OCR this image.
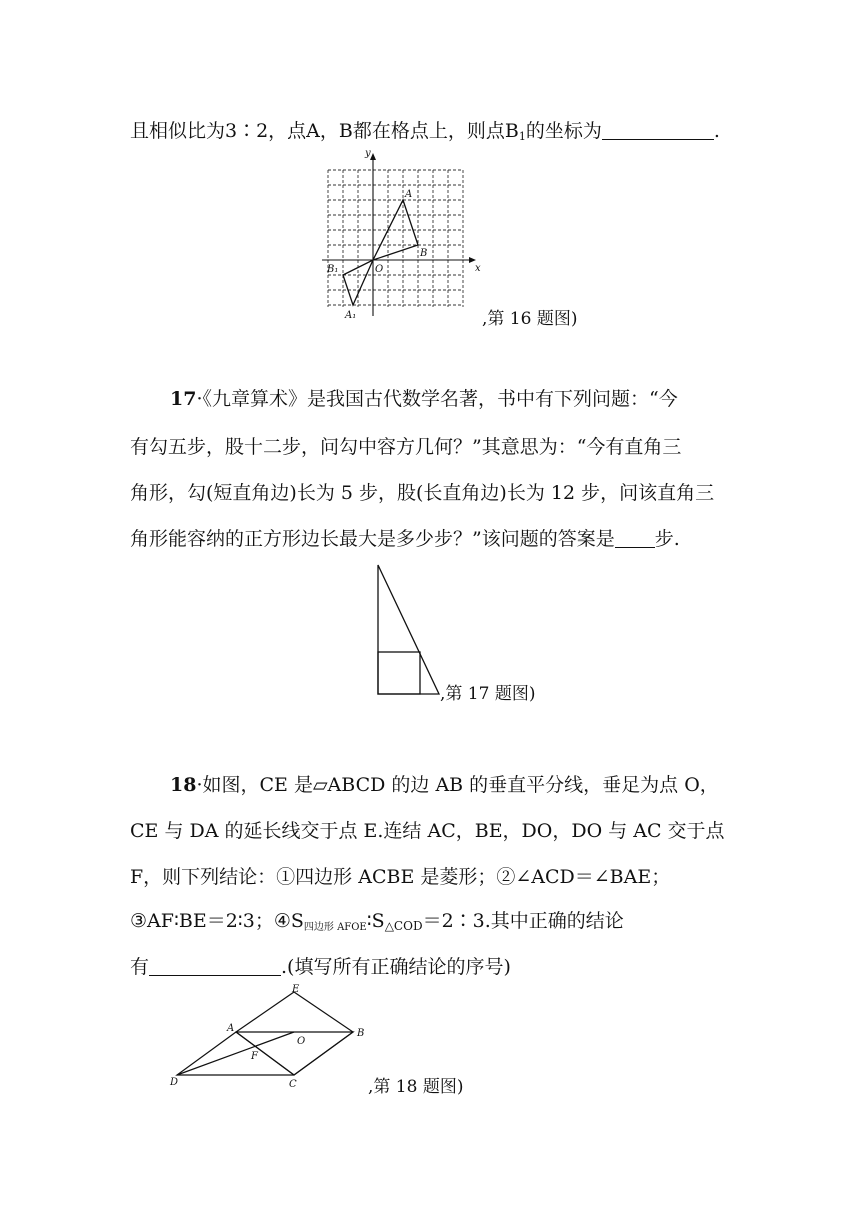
且相似比为3∶2，点A，B都在格点上，则点$B_1$的坐标为	.
y
x
O
A
B
B₁
A₁	,第 16 题图)
17·《九章算术》是我国古代数学名著，书中有下列问题：“今
有勾五步，股十二步，问勾中容方几何？”其意思为：“今有直角三
角形，勾(短直角边)长为 5 步，股(长直角边)长为 12 步，问该直角三
角形能容纳的正方形边长最大是多少步？”该问题的答案是 步.
,第 17 题图)
18·如图，CE 是▱ABCD 的边 AB 的垂直平分线，垂足为点 O，
CE 与 DA 的延长线交于点 E.连结 AC，BE，DO，DO 与 AC 交于点
F，则下列结论：①四边形 ACBE 是菱形；②∠ACD＝∠BAE；
③AF∶BE＝2∶3；$④S_{四边形 AFOE}∶S_{\triangle COD}=2∶3$.其中正确的结论
有	.(填写所有正确结论的序号)
E
A	B
O
F
D	C	,第 18 题图)
